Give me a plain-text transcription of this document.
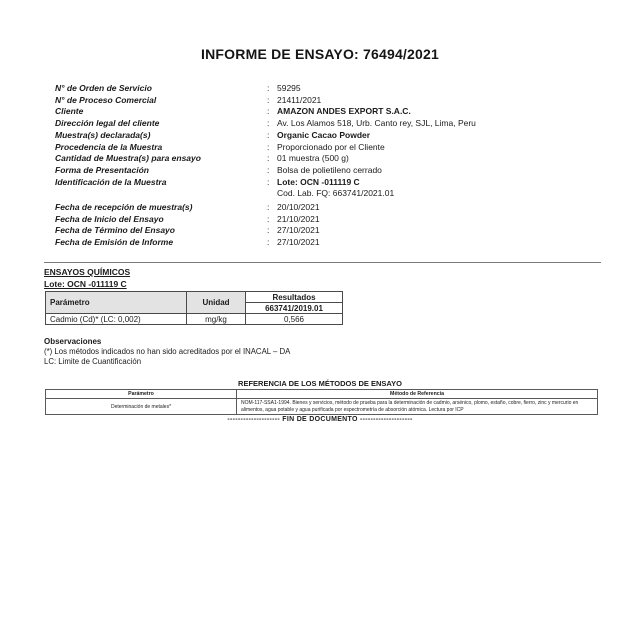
INFORME DE ENSAYO: 76494/2021
N° de Orden de Servicio	: 59295
N° de Proceso Comercial	: 21411/2021
Cliente	: AMAZON ANDES EXPORT S.A.C.
Dirección legal del cliente	: Av. Los Alamos 518, Urb. Canto rey, SJL, Lima, Peru
Muestra(s) declarada(s)	: Organic Cacao Powder
Procedencia de la Muestra	: Proporcionado por el Cliente
Cantidad de Muestra(s) para ensayo	: 01 muestra (500 g)
Forma de Presentación	: Bolsa de polietileno cerrado
Identificación de la Muestra	: Lote: OCN -011119 C
Cod. Lab. FQ: 663741/2021.01
Fecha de recepción de muestra(s)	: 20/10/2021
Fecha de Inicio del Ensayo	: 21/10/2021
Fecha de Término del Ensayo	: 27/10/2021
Fecha de Emisión de Informe	: 27/10/2021
ENSAYOS QUÍMICOS
Lote: OCN -011119 C
Parámetro	Unidad	Resultados
		663741/2019.01
Cadmio (Cd)* (LC: 0,002)	mg/kg	0,566
Observaciones
(*) Los métodos indicados no han sido acreditados por el INACAL – DA
LC: Limite de Cuantificación
REFERENCIA DE LOS MÉTODOS DE ENSAYO
Parámetro	Método de Referencia
Determinación de metales*	NOM-117-SSA1-1994. Bienes y servicios, método de prueba para la determinación de cadmio, arsénico, plomo, estaño, cobre, fierro, zinc y mercurio en alimentos, agua potable y agua purificada por espectrometría de absorción atómica. Lectura por ICP
-------------------- FIN DE DOCUMENTO --------------------
